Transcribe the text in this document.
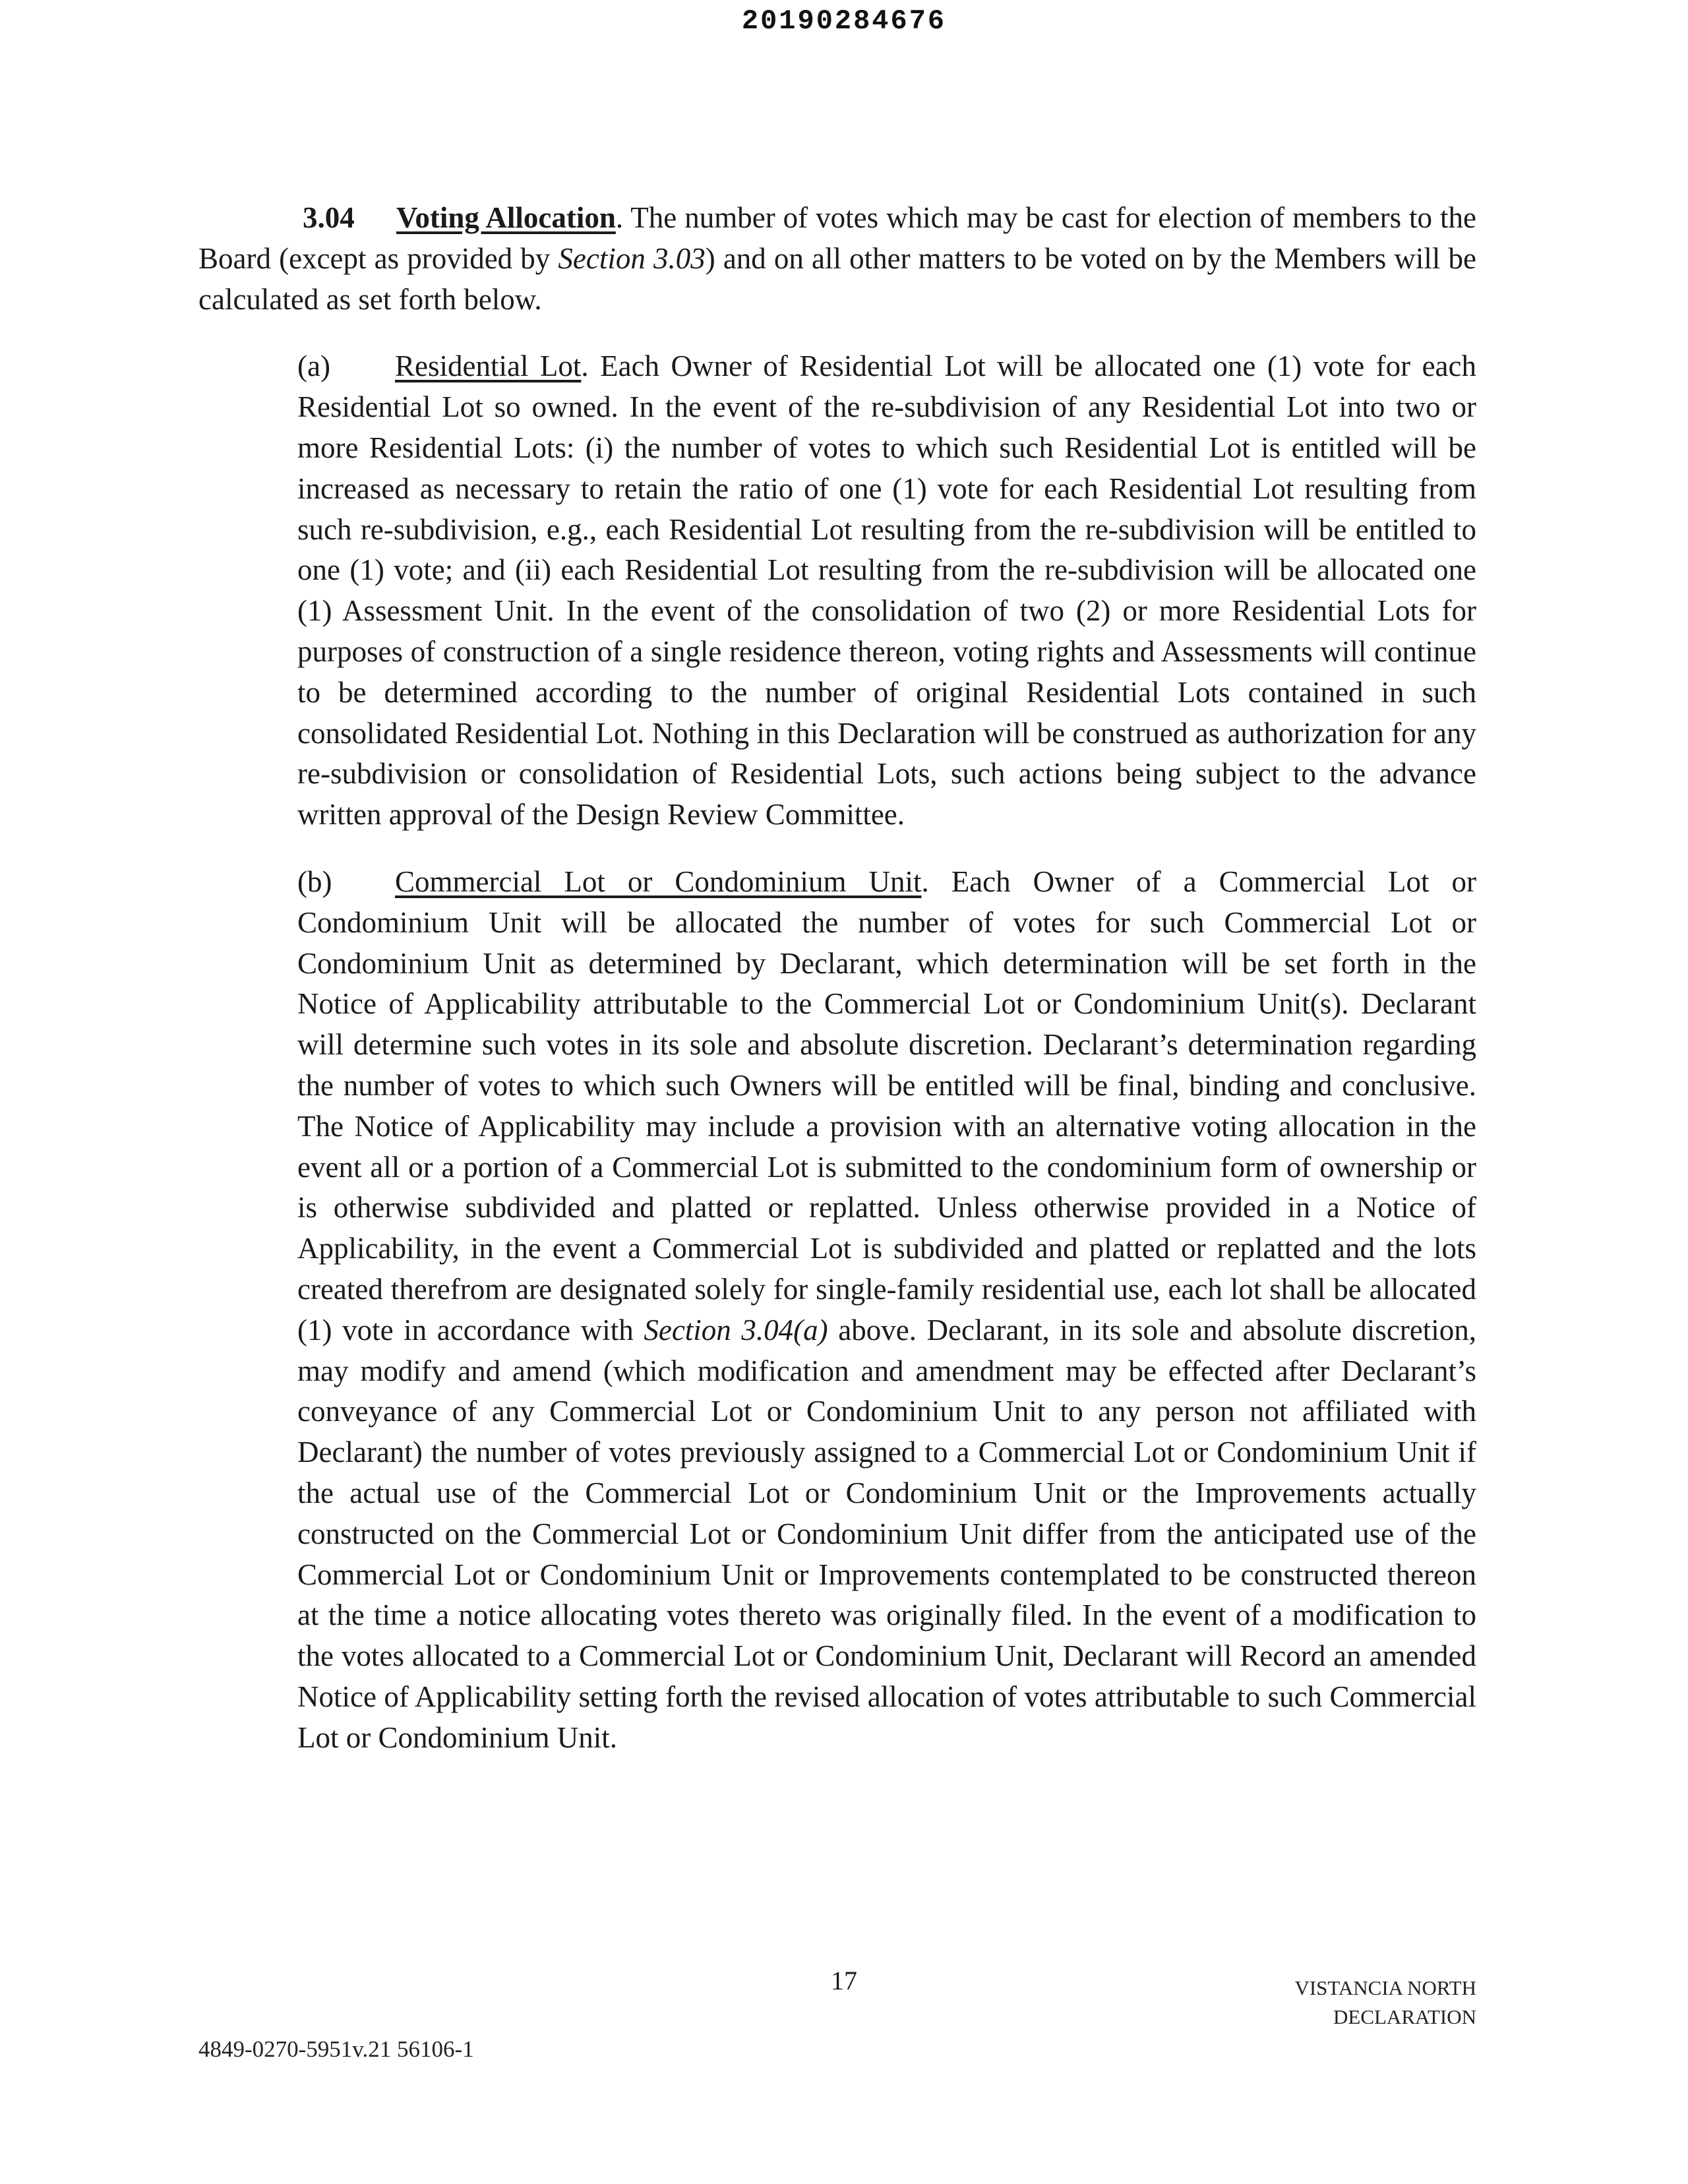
20190284676

3.04 Voting Allocation. The number of votes which may be cast for election of members to the Board (except as provided by Section 3.03) and on all other matters to be voted on by the Members will be calculated as set forth below.

(a) Residential Lot. Each Owner of Residential Lot will be allocated one (1) vote for each Residential Lot so owned. In the event of the re-subdivision of any Residential Lot into two or more Residential Lots: (i) the number of votes to which such Residential Lot is entitled will be increased as necessary to retain the ratio of one (1) vote for each Residential Lot resulting from such re-subdivision, e.g., each Residential Lot resulting from the re-subdivision will be entitled to one (1) vote; and (ii) each Residential Lot resulting from the re-subdivision will be allocated one (1) Assessment Unit. In the event of the consolidation of two (2) or more Residential Lots for purposes of construction of a single residence thereon, voting rights and Assessments will continue to be determined according to the number of original Residential Lots contained in such consolidated Residential Lot. Nothing in this Declaration will be construed as authorization for any re-subdivision or consolidation of Residential Lots, such actions being subject to the advance written approval of the Design Review Committee.

(b) Commercial Lot or Condominium Unit. Each Owner of a Commercial Lot or Condominium Unit will be allocated the number of votes for such Commercial Lot or Condominium Unit as determined by Declarant, which determination will be set forth in the Notice of Applicability attributable to the Commercial Lot or Condominium Unit(s). Declarant will determine such votes in its sole and absolute discretion. Declarant’s determination regarding the number of votes to which such Owners will be entitled will be final, binding and conclusive. The Notice of Applicability may include a provision with an alternative voting allocation in the event all or a portion of a Commercial Lot is submitted to the condominium form of ownership or is otherwise subdivided and platted or replatted. Unless otherwise provided in a Notice of Applicability, in the event a Commercial Lot is subdivided and platted or replatted and the lots created therefrom are designated solely for single-family residential use, each lot shall be allocated (1) vote in accordance with Section 3.04(a) above. Declarant, in its sole and absolute discretion, may modify and amend (which modification and amendment may be effected after Declarant’s conveyance of any Commercial Lot or Condominium Unit to any person not affiliated with Declarant) the number of votes previously assigned to a Commercial Lot or Condominium Unit if the actual use of the Commercial Lot or Condominium Unit or the Improvements actually constructed on the Commercial Lot or Condominium Unit differ from the anticipated use of the Commercial Lot or Condominium Unit or Improvements contemplated to be constructed thereon at the time a notice allocating votes thereto was originally filed. In the event of a modification to the votes allocated to a Commercial Lot or Condominium Unit, Declarant will Record an amended Notice of Applicability setting forth the revised allocation of votes attributable to such Commercial Lot or Condominium Unit.

17	VISTANCIA NORTH
DECLARATION
4849-0270-5951v.21 56106-1
